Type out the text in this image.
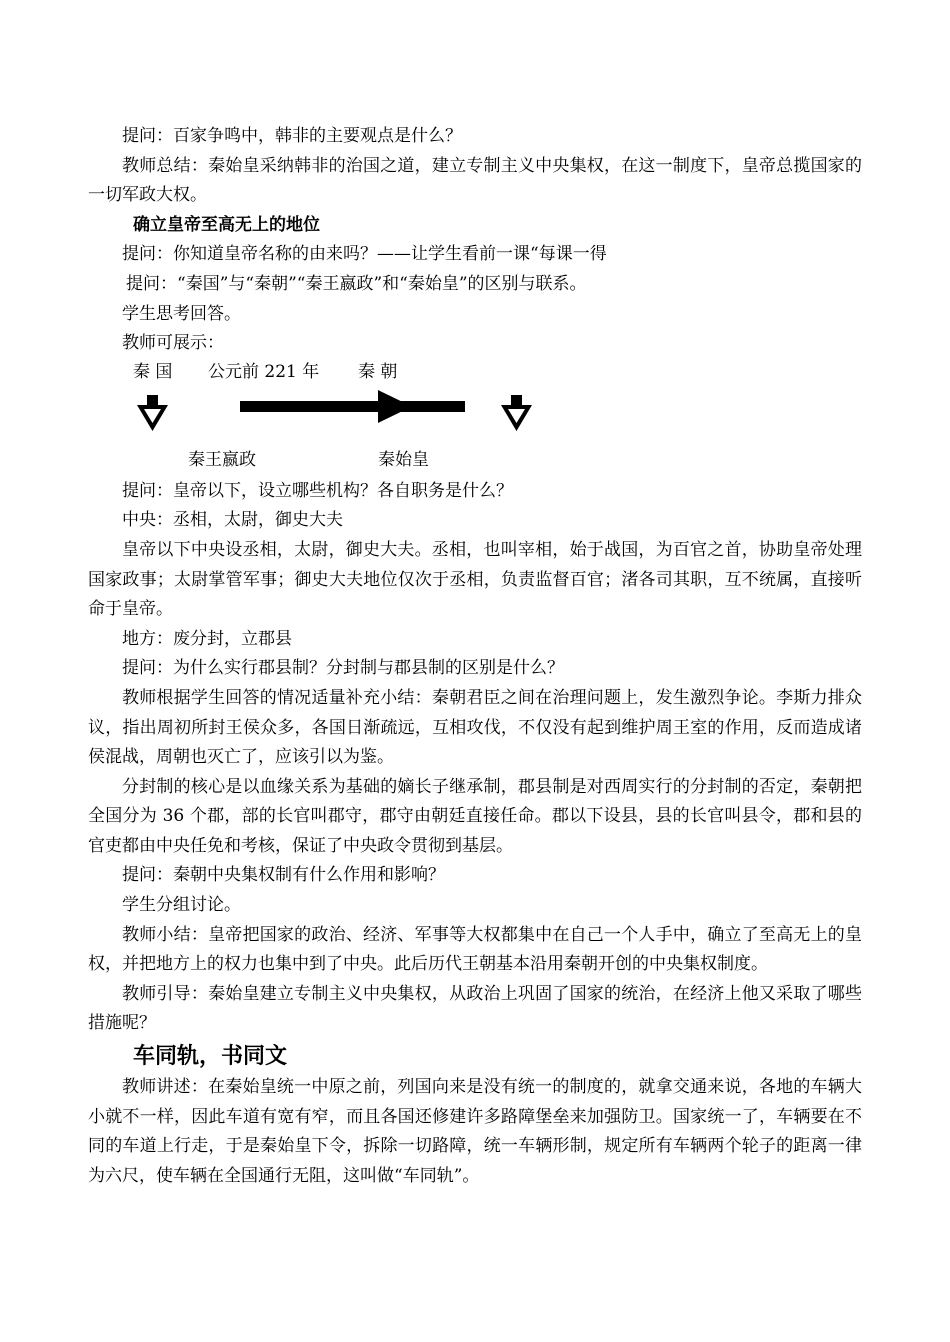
提问：百家争鸣中，韩非的主要观点是什么？

教师总结：秦始皇采纳韩非的治国之道，建立专制主义中央集权，在这一制度下，皇帝总揽国家的一切军政大权。

确立皇帝至高无上的地位

提问：你知道皇帝名称的由来吗？——让学生看前一课“每课一得

提问：“秦国”与“秦朝”“秦王嬴政”和“秦始皇”的区别与联系。

学生思考回答。

教师可展示：

秦 国 公元前 221 年 秦 朝
秦王嬴政	秦始皇

提问：皇帝以下，设立哪些机构？各自职务是什么？

中央：丞相，太尉，御史大夫

皇帝以下中央设丞相，太尉，御史大夫。丞相，也叫宰相，始于战国，为百官之首，协助皇帝处理国家政事；太尉掌管军事；御史大夫地位仅次于丞相，负责监督百官；渚各司其职，互不统属，直接听命于皇帝。

地方：废分封，立郡县

提问：为什么实行郡县制？分封制与郡县制的区别是什么？

教师根据学生回答的情况适量补充小结：秦朝君臣之间在治理问题上，发生激烈争论。李斯力排众议，指出周初所封王侯众多，各国日渐疏远，互相攻伐，不仅没有起到维护周王室的作用，反而造成诸侯混战，周朝也灭亡了，应该引以为鉴。

分封制的核心是以血缘关系为基础的嫡长子继承制，郡县制是对西周实行的分封制的否定，秦朝把全国分为 36 个郡，部的长官叫郡守，郡守由朝廷直接任命。郡以下设县，县的长官叫县令，郡和县的官吏都由中央任免和考核，保证了中央政令贯彻到基层。

提问：秦朝中央集权制有什么作用和影响？

学生分组讨论。

教师小结：皇帝把国家的政治、经济、军事等大权都集中在自己一个人手中，确立了至高无上的皇权，并把地方上的权力也集中到了中央。此后历代王朝基本沿用秦朝开创的中央集权制度。

教师引导：秦始皇建立专制主义中央集权，从政治上巩固了国家的统治，在经济上他又采取了哪些措施呢？

车同轨，书同文

教师讲述：在秦始皇统一中原之前，列国向来是没有统一的制度的，就拿交通来说，各地的车辆大小就不一样，因此车道有宽有窄，而且各国还修建许多路障堡垒来加强防卫。国家统一了，车辆要在不同的车道上行走，于是秦始皇下令，拆除一切路障，统一车辆形制，规定所有车辆两个轮子的距离一律为六尺，使车辆在全国通行无阻，这叫做“车同轨”。
